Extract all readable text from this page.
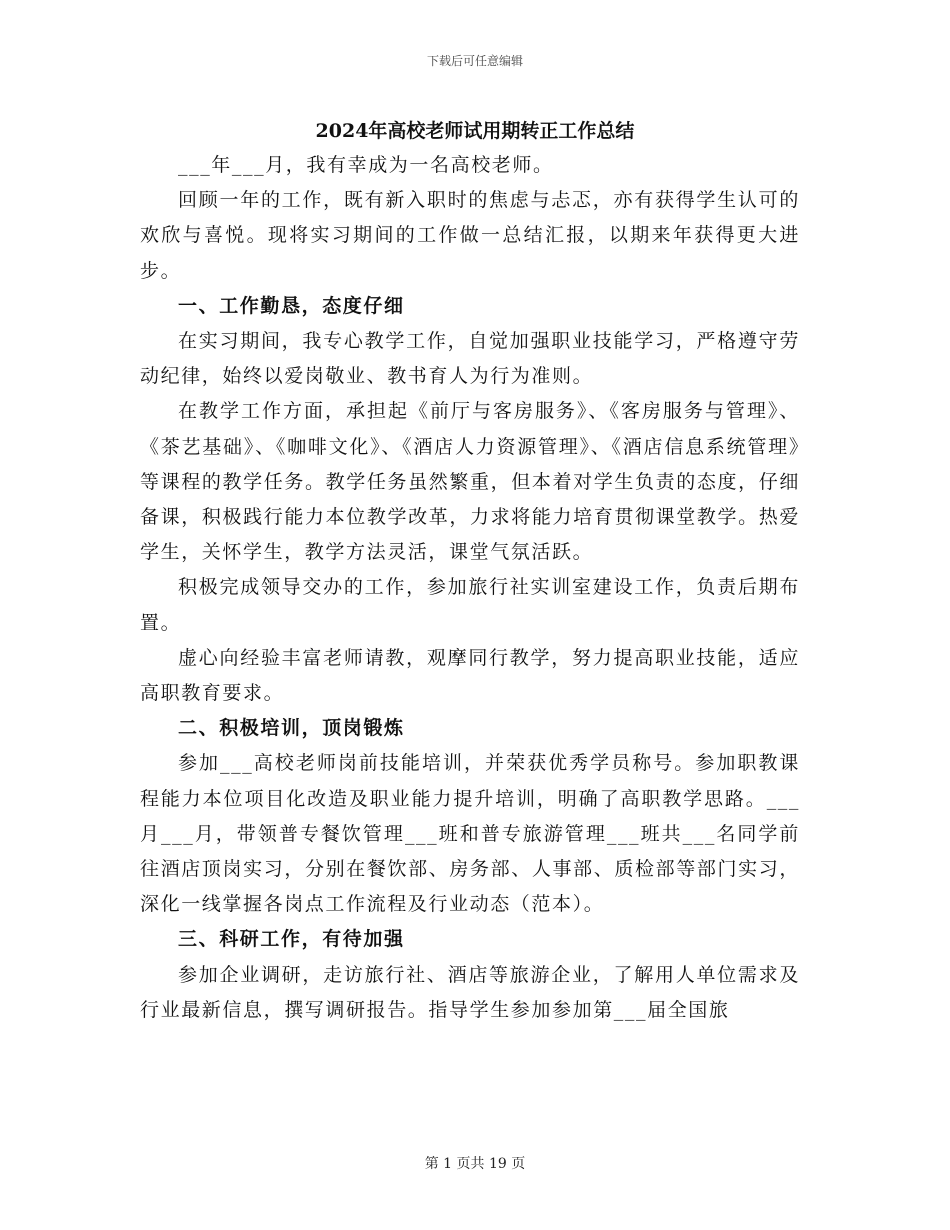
下载后可任意编辑
2024年高校老师试用期转正工作总结

___年___月，我有幸成为一名高校老师。

回顾一年的工作，既有新入职时的焦虑与忐忑，亦有获得学生认可的欢欣与喜悦。现将实习期间的工作做一总结汇报，以期来年获得更大进步。

一、工作勤恳，态度仔细

在实习期间，我专心教学工作，自觉加强职业技能学习，严格遵守劳动纪律，始终以爱岗敬业、教书育人为行为准则。

在教学工作方面，承担起《前厅与客房服务》、《客房服务与管理》、《茶艺基础》、《咖啡文化》、《酒店人力资源管理》、《酒店信息系统管理》等课程的教学任务。教学任务虽然繁重，但本着对学生负责的态度，仔细备课，积极践行能力本位教学改革，力求将能力培育贯彻课堂教学。热爱学生，关怀学生，教学方法灵活，课堂气氛活跃。

积极完成领导交办的工作，参加旅行社实训室建设工作，负责后期布置。

虚心向经验丰富老师请教，观摩同行教学，努力提高职业技能，适应高职教育要求。

二、积极培训，顶岗锻炼

参加___高校老师岗前技能培训，并荣获优秀学员称号。参加职教课程能力本位项目化改造及职业能力提升培训，明确了高职教学思路。___月___月，带领普专餐饮管理___班和普专旅游管理___班共___名同学前往酒店顶岗实习，分别在餐饮部、房务部、人事部、质检部等部门实习，深化一线掌握各岗点工作流程及行业动态（范本）。

三、科研工作，有待加强

参加企业调研，走访旅行社、酒店等旅游企业，了解用人单位需求及行业最新信息，撰写调研报告。指导学生参加参加第___届全国旅

第 1 页共 19 页
